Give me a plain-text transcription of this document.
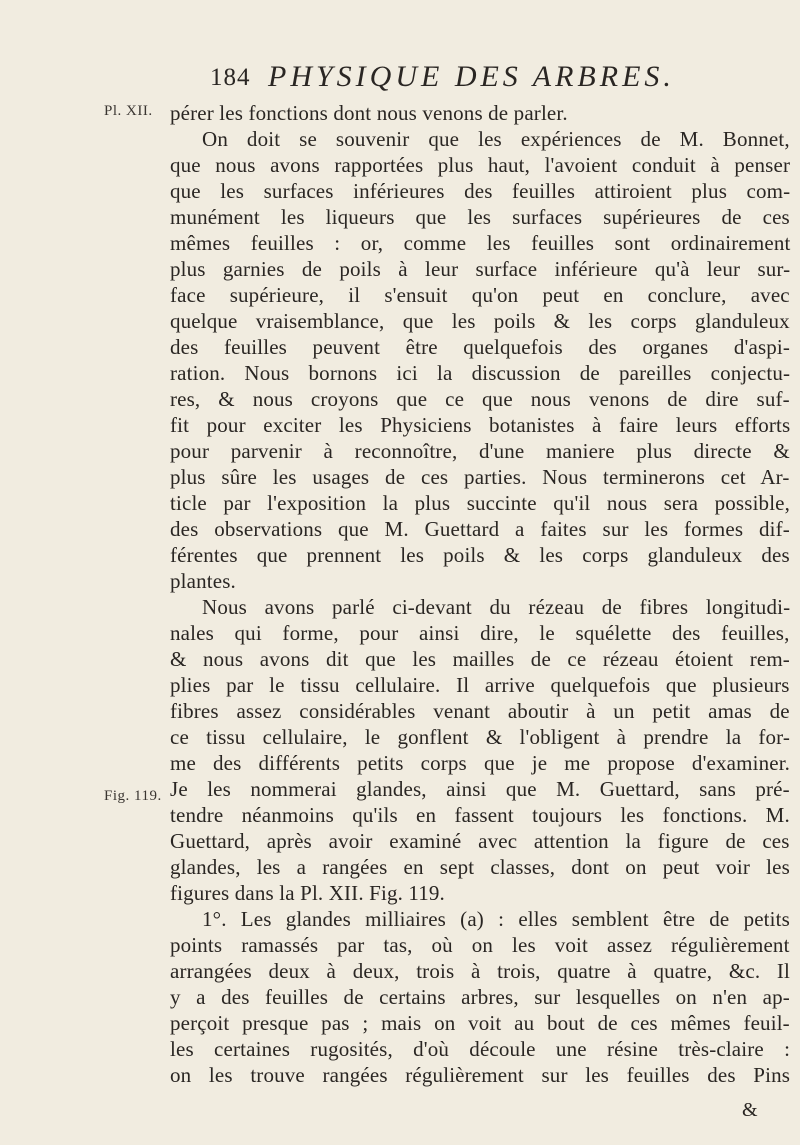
184 PHYSIQUE DES ARBRES.
Pl. XII.
Fig. 119.
pérer les fonctions dont nous venons de parler.
On doit se souvenir que les expériences de M. Bonnet,
que nous avons rapportées plus haut, l'avoient conduit à penser
que les surfaces inférieures des feuilles attiroient plus com-
munément les liqueurs que les surfaces supérieures de ces
mêmes feuilles : or, comme les feuilles sont ordinairement
plus garnies de poils à leur surface inférieure qu'à leur sur-
face supérieure, il s'ensuit qu'on peut en conclure, avec
quelque vraisemblance, que les poils & les corps glanduleux
des feuilles peuvent être quelquefois des organes d'aspi-
ration. Nous bornons ici la discussion de pareilles conjectu-
res, & nous croyons que ce que nous venons de dire suf-
fit pour exciter les Physiciens botanistes à faire leurs efforts
pour parvenir à reconnoître, d'une maniere plus directe &
plus sûre les usages de ces parties. Nous terminerons cet Ar-
ticle par l'exposition la plus succinte qu'il nous sera possible,
des observations que M. Guettard a faites sur les formes dif-
férentes que prennent les poils & les corps glanduleux des
plantes.
Nous avons parlé ci-devant du rézeau de fibres longitudi-
nales qui forme, pour ainsi dire, le squélette des feuilles,
& nous avons dit que les mailles de ce rézeau étoient rem-
plies par le tissu cellulaire. Il arrive quelquefois que plusieurs
fibres assez considérables venant aboutir à un petit amas de
ce tissu cellulaire, le gonflent & l'obligent à prendre la for-
me des différents petits corps que je me propose d'examiner.
Je les nommerai glandes, ainsi que M. Guettard, sans pré-
tendre néanmoins qu'ils en fassent toujours les fonctions. M.
Guettard, après avoir examiné avec attention la figure de ces
glandes, les a rangées en sept classes, dont on peut voir les
figures dans la Pl. XII. Fig. 119.
1°. Les glandes milliaires (a) : elles semblent être de petits
points ramassés par tas, où on les voit assez régulièrement
arrangées deux à deux, trois à trois, quatre à quatre, &c. Il
y a des feuilles de certains arbres, sur lesquelles on n'en ap-
perçoit presque pas ; mais on voit au bout de ces mêmes feuil-
les certaines rugosités, d'où découle une résine très-claire :
on les trouve rangées régulièrement sur les feuilles des Pins
&
